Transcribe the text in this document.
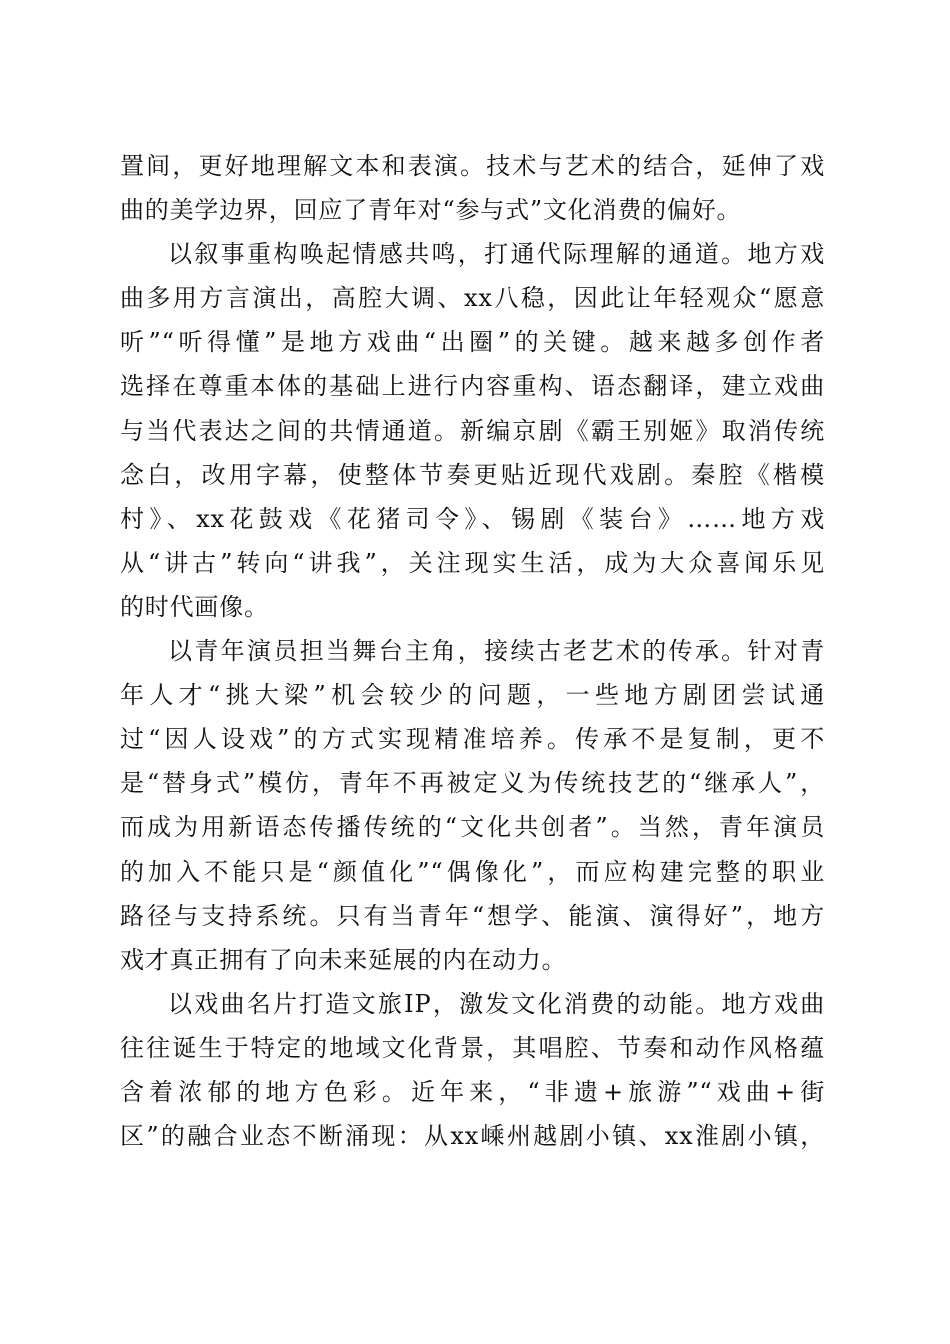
置间，更好地理解文本和表演。技术与艺术的结合，延伸了戏
曲的美学边界，回应了青年对“参与式”文化消费的偏好。
以叙事重构唤起情感共鸣，打通代际理解的通道。地方戏
曲多用方言演出，高腔大调、xx八稳，因此让年轻观众“愿意
听”“听得懂”是地方戏曲“出圈”的关键。越来越多创作者
选择在尊重本体的基础上进行内容重构、语态翻译，建立戏曲
与当代表达之间的共情通道。新编京剧《霸王别姬》取消传统
念白，改用字幕，使整体节奏更贴近现代戏剧。秦腔《楷模
村》、xx花鼓戏《花猪司令》、锡剧《装台》……地方戏
从“讲古”转向“讲我”，关注现实生活，成为大众喜闻乐见
的时代画像。
以青年演员担当舞台主角，接续古老艺术的传承。针对青
年人才“挑大梁”机会较少的问题，一些地方剧团尝试通
过“因人设戏”的方式实现精准培养。传承不是复制，更不
是“替身式”模仿，青年不再被定义为传统技艺的“继承人”，
而成为用新语态传播传统的“文化共创者”。当然，青年演员
的加入不能只是“颜值化”“偶像化”，而应构建完整的职业
路径与支持系统。只有当青年“想学、能演、演得好”，地方
戏才真正拥有了向未来延展的内在动力。
以戏曲名片打造文旅IP，激发文化消费的动能。地方戏曲
往往诞生于特定的地域文化背景，其唱腔、节奏和动作风格蕴
含着浓郁的地方色彩。近年来，“非遗+旅游”“戏曲+街
区”的融合业态不断涌现：从xx嵊州越剧小镇、xx淮剧小镇，
